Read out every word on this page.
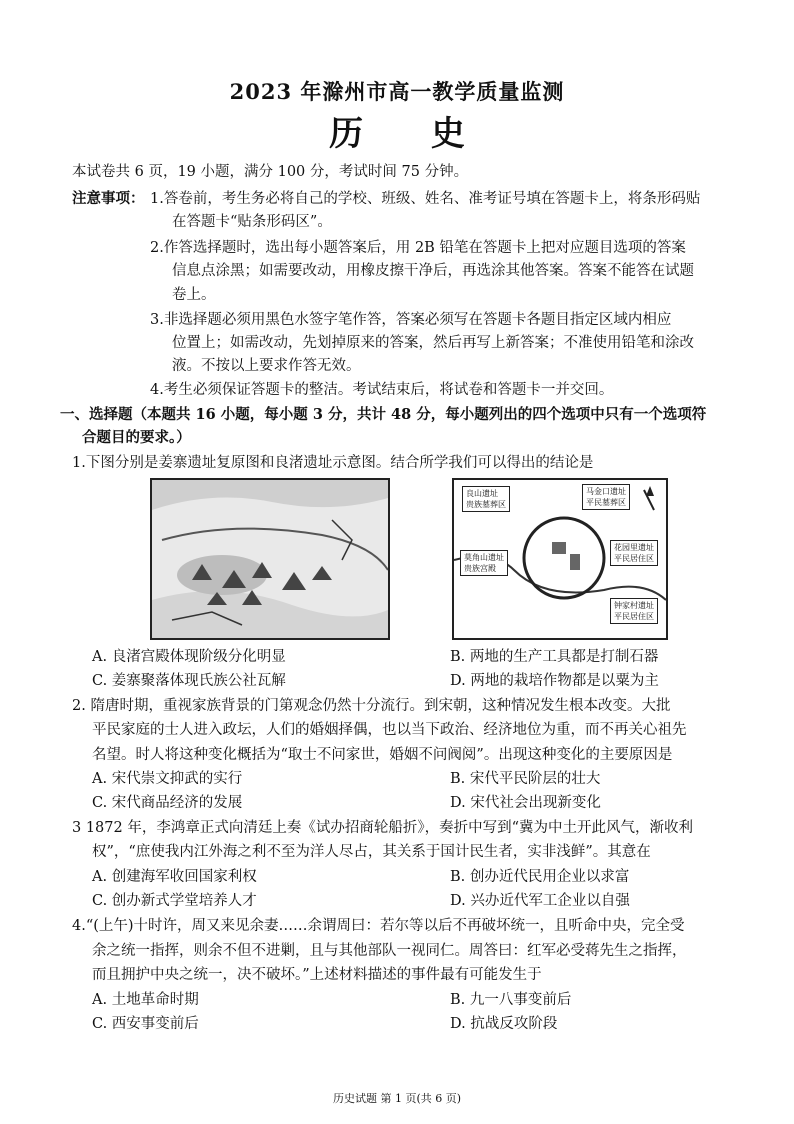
2023 年滁州市高一教学质量监测
历 史
本试卷共 6 页，19 小题，满分 100 分，考试时间 75 分钟。
注意事项： 1.答卷前，考生务必将自己的学校、班级、姓名、准考证号填在答题卡上，将条形码贴
在答题卡“贴条形码区”。
2.作答选择题时，选出每小题答案后，用 2B 铅笔在答题卡上把对应题目选项的答案
信息点涂黑；如需要改动，用橡皮擦干净后，再选涂其他答案。答案不能答在试题
卷上。
3.非选择题必须用黑色水签字笔作答，答案必须写在答题卡各题目指定区域内相应
位置上；如需改动，先划掉原来的答案，然后再写上新答案；不准使用铅笔和涂改
液。不按以上要求作答无效。
4.考生必须保证答题卡的整洁。考试结束后，将试卷和答题卡一并交回。
一、选择题（本题共 16 小题，每小题 3 分，共计 48 分，每小题列出的四个选项中只有一个选项符
合题目的要求。）
1.下图分别是姜寨遗址复原图和良渚遗址示意图。结合所学我们可以得出的结论是
良山遗址
贵族墓葬区
马金口遗址
平民墓葬区
莫角山遗址
贵族宫殿
花园里遗址
平民居住区
钟家村遗址
平民居住区
A. 良渚宫殿体现阶级分化明显	B. 两地的生产工具都是打制石器
C. 姜寨聚落体现氏族公社瓦解	D. 两地的栽培作物都是以粟为主
2. 隋唐时期，重视家族背景的门第观念仍然十分流行。到宋朝，这种情况发生根本改变。大批
平民家庭的士人进入政坛，人们的婚姻择偶，也以当下政治、经济地位为重，而不再关心祖先
名望。时人将这种变化概括为“取士不问家世，婚姻不问阀阅”。出现这种变化的主要原因是
A. 宋代崇文抑武的实行	B. 宋代平民阶层的壮大
C. 宋代商品经济的发展	D. 宋代社会出现新变化
3 1872 年，李鸿章正式向清廷上奏《试办招商轮船折》，奏折中写到“冀为中土开此风气，渐收利
权”，“庶使我内江外海之利不至为洋人尽占，其关系于国计民生者，实非浅鲜”。其意在
A. 创建海军收回国家利权	B. 创办近代民用企业以求富
C. 创办新式学堂培养人才	D. 兴办近代军工企业以自强
4.“(上午)十时许，周又来见余妻……余谓周曰：若尔等以后不再破坏统一，且听命中央，完全受
余之统一指挥，则余不但不进剿，且与其他部队一视同仁。周答曰：红军必受蒋先生之指挥，
而且拥护中央之统一，决不破坏。”上述材料描述的事件最有可能发生于
A. 土地革命时期	B. 九一八事变前后
C. 西安事变前后	D. 抗战反攻阶段
历史试题 第 1 页(共 6 页)
